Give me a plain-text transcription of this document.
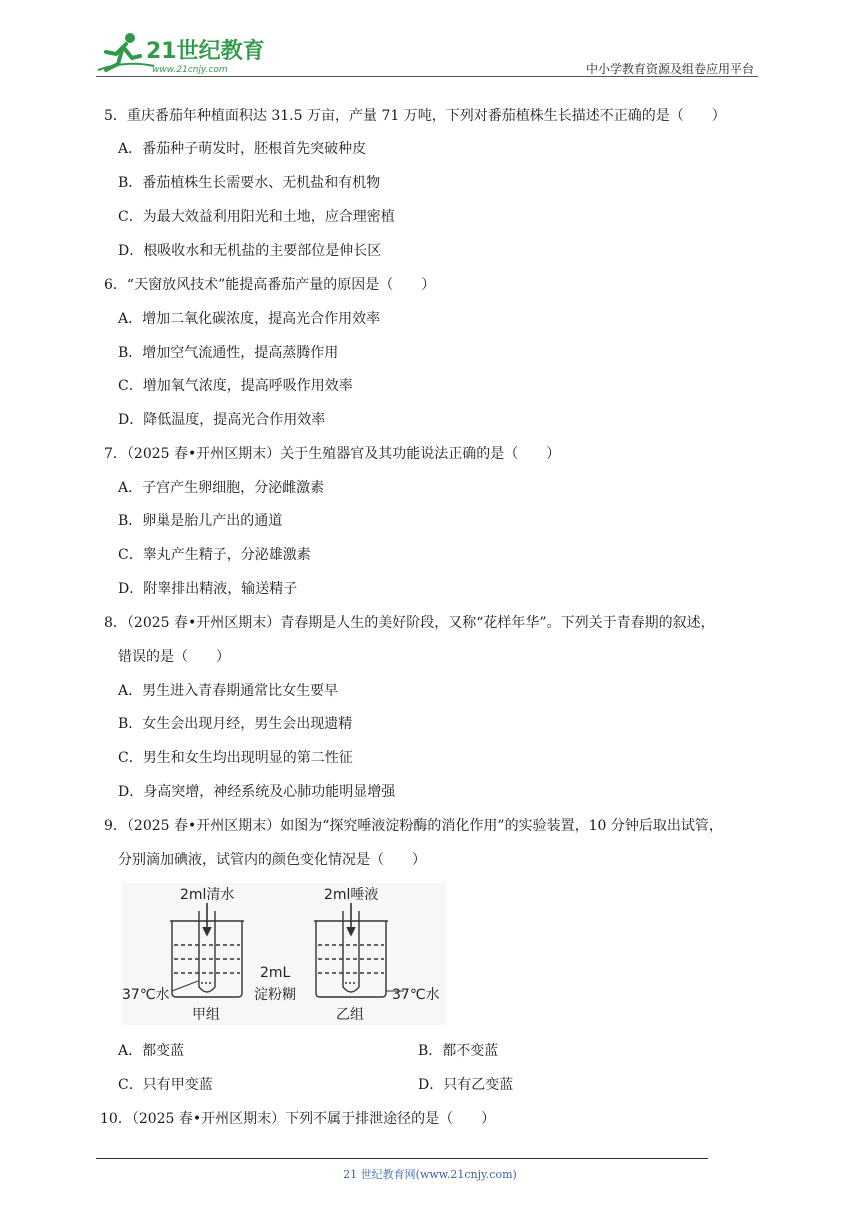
21世纪教育
www.21cnjy.com	中小学教育资源及组卷应用平台
5．重庆番茄年种植面积达 31.5 万亩，产量 71 万吨，下列对番茄植株生长描述不正确的是（　　）
A．番茄种子萌发时，胚根首先突破种皮
B．番茄植株生长需要水、无机盐和有机物
C．为最大效益利用阳光和土地，应合理密植
D．根吸收水和无机盐的主要部位是伸长区
6．“天窗放风技术”能提高番茄产量的原因是（　　）
A．增加二氧化碳浓度，提高光合作用效率
B．增加空气流通性，提高蒸腾作用
C．增加氧气浓度，提高呼吸作用效率
D．降低温度，提高光合作用效率
7．（2025 春•开州区期末）关于生殖器官及其功能说法正确的是（　　）
A．子宫产生卵细胞，分泌雌激素
B．卵巢是胎儿产出的通道
C．睾丸产生精子，分泌雄激素
D．附睾排出精液，输送精子
8．（2025 春•开州区期末）青春期是人生的美好阶段，又称“花样年华”。下列关于青春期的叙述，
错误的是（　　）
A．男生进入青春期通常比女生要早
B．女生会出现月经，男生会出现遗精
C．男生和女生均出现明显的第二性征
D．身高突增，神经系统及心肺功能明显增强
9．（2025 春•开州区期末）如图为“探究唾液淀粉酶的消化作用”的实验装置，10 分钟后取出试管，
分别滴加碘液，试管内的颜色变化情况是（　　）
2ml清水	2ml唾液
37℃水	37℃水
2mL
淀粉糊
甲组	乙组
A．都变蓝	B．都不变蓝
C．只有甲变蓝	D．只有乙变蓝
10．（2025 春•开州区期末）下列不属于排泄途径的是（　　）
21 世纪教育网(www.21cnjy.com)
